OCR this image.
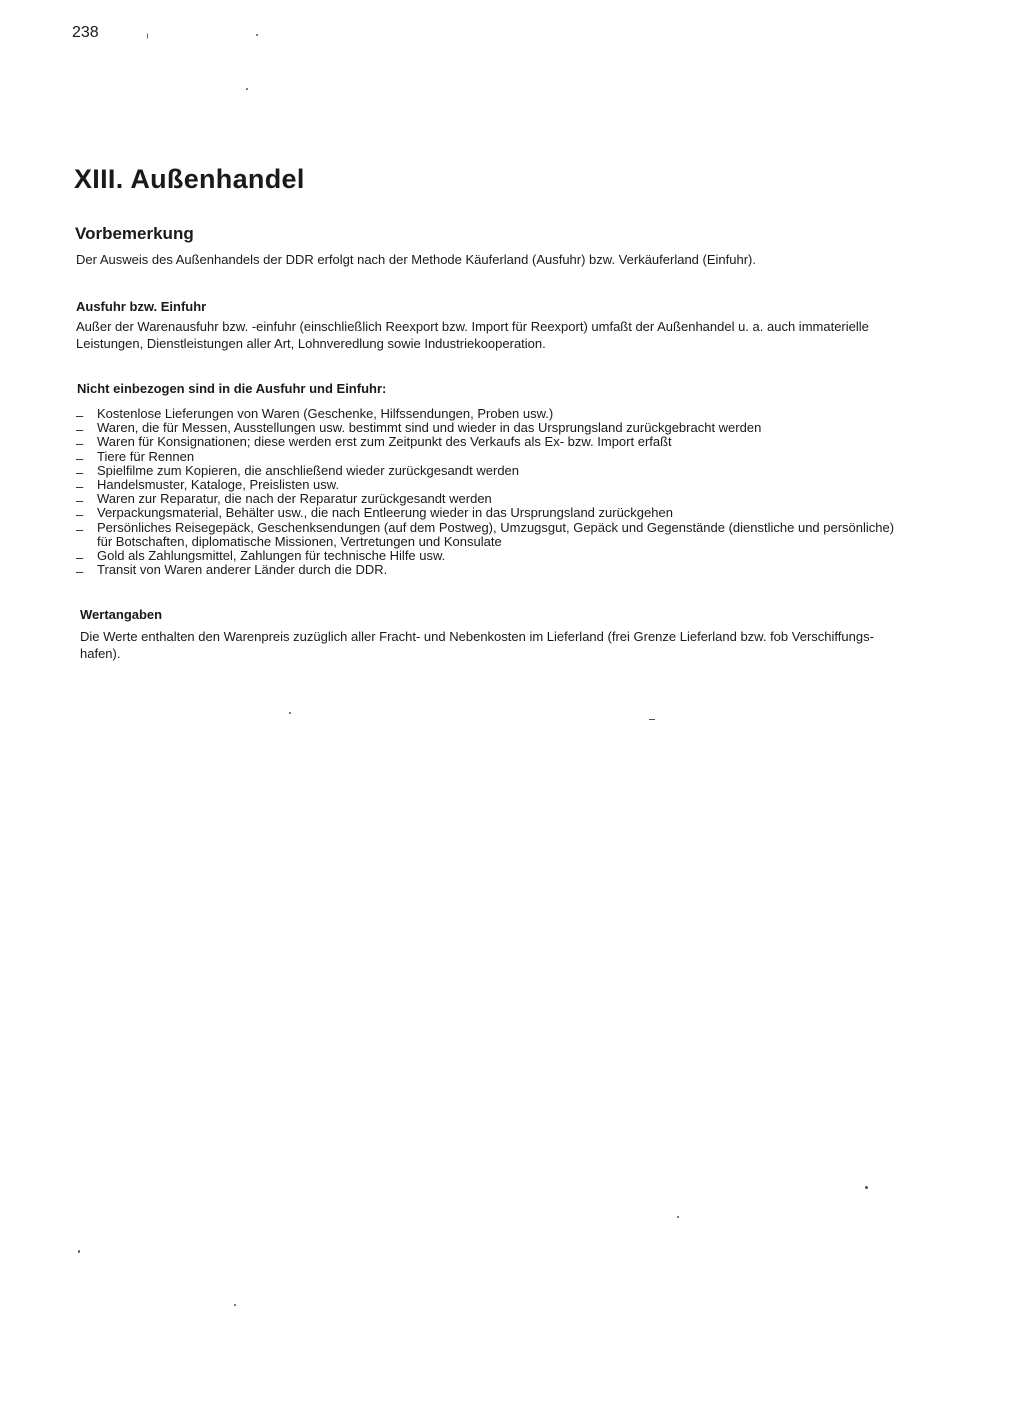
238
XIII. Außenhandel
Vorbemerkung

Der Ausweis des Außenhandels der DDR erfolgt nach der Methode Käuferland (Ausfuhr) bzw. Verkäuferland (Einfuhr).

Ausfuhr bzw. Einfuhr
Außer der Warenausfuhr bzw. -einfuhr (einschließlich Reexport bzw. Import für Reexport) umfaßt der Außenhandel u. a. auch immaterielle
Leistungen, Dienstleistungen aller Art, Lohnveredlung sowie Industriekooperation.
Nicht einbezogen sind in die Ausfuhr und Einfuhr:
– Kostenlose Lieferungen von Waren (Geschenke, Hilfssendungen, Proben usw.)
– Waren, die für Messen, Ausstellungen usw. bestimmt sind und wieder in das Ursprungsland zurückgebracht werden
– Waren für Konsignationen; diese werden erst zum Zeitpunkt des Verkaufs als Ex- bzw. Import erfaßt
– Tiere für Rennen
– Spielfilme zum Kopieren, die anschließend wieder zurückgesandt werden
– Handelsmuster, Kataloge, Preislisten usw.
– Waren zur Reparatur, die nach der Reparatur zurückgesandt werden
– Verpackungsmaterial, Behälter usw., die nach Entleerung wieder in das Ursprungsland zurückgehen
– Persönliches Reisegepäck, Geschenksendungen (auf dem Postweg), Umzugsgut, Gepäck und Gegenstände (dienstliche und persönliche)
für Botschaften, diplomatische Missionen, Vertretungen und Konsulate
– Gold als Zahlungsmittel, Zahlungen für technische Hilfe usw.
– Transit von Waren anderer Länder durch die DDR.
Wertangaben
Die Werte enthalten den Warenpreis zuzüglich aller Fracht- und Nebenkosten im Lieferland (frei Grenze Lieferland bzw. fob Verschiffungs-
hafen).
